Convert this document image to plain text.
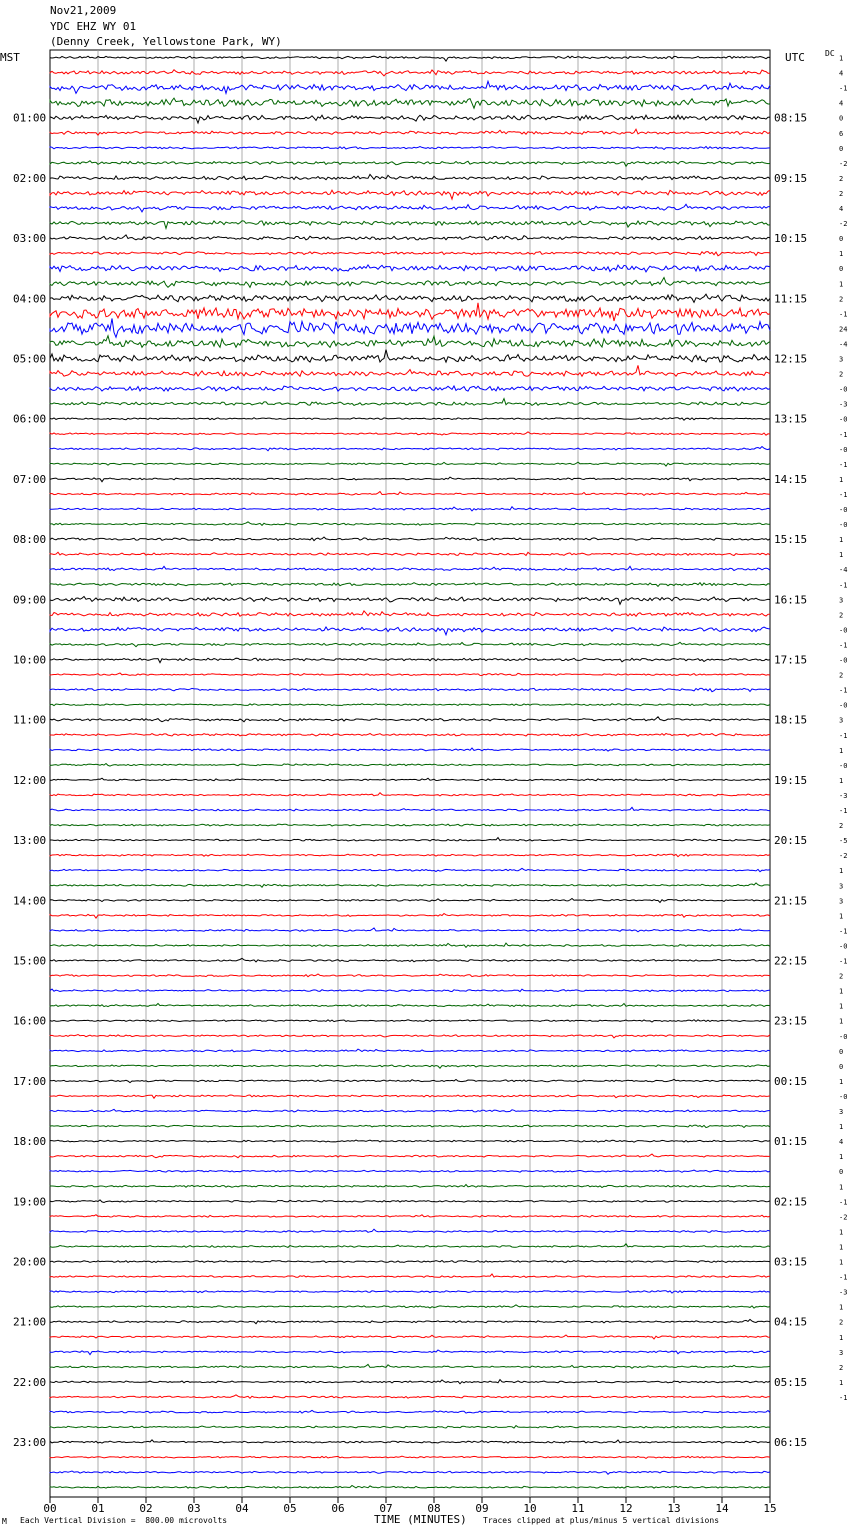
Nov21,2009
YDC EHZ WY 01
(Denny Creek, Yellowstone Park, WY)
MST	UTC	DC
00	01	02	03	04	05	06	07	08	09	10	11	12	13	14	15
1
4
-1
4
0
6
0
-2
2
2
4
-2
0
1
0
1
2
-1
24
-4
3
2
-0
-3
-0
-1
-0
-1
1
-1
-0
-0
1
1
-4
-1
3
2
-0
-1
-0
2
-1
-0
3
-1
1
-0
1
-3
-1
2
-5
-2
1
3
3
1
-1
-0
-1
2
1
1
1
-0
0
0
1
-0
3
1
4
1
0
1
-1
-2
1
1
1
-1
-3
1
2
1
3
2
1
-1
01:00	08:15
02:00	09:15
03:00	10:15
04:00	11:15
05:00	12:15
06:00	13:15
07:00	14:15
08:00	15:15
09:00	16:15
10:00	17:15
11:00	18:15
12:00	19:15
13:00	20:15
14:00	21:15
15:00	22:15
16:00	23:15
17:00	00:15
18:00	01:15
19:00	02:15
20:00	03:15
21:00	04:15
22:00	05:15
23:00	06:15
M Each Vertical Division =  800.00 microvolts	TIME (MINUTES) Traces clipped at plus/minus 5 vertical divisions
